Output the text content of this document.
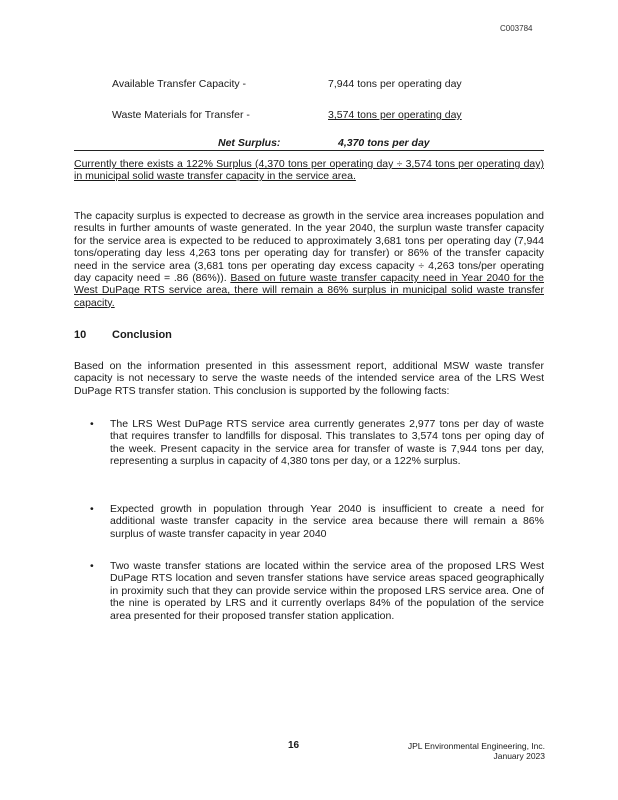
C003784
Available Transfer Capacity -	7,944 tons per operating day
Waste Materials for Transfer -	3,574 tons per operating day
Net Surplus:	4,370 tons per day
Currently there exists a 122% Surplus (4,370 tons per operating day ÷ 3,574 tons per operating day) in municipal solid waste transfer capacity in the service area.
The capacity surplus is expected to decrease as growth in the service area increases population and results in further amounts of waste generated. In the year 2040, the surplun waste transfer capacity for the service area is expected to be reduced to approximately 3,681 tons per operating day (7,944 tons/operating day less 4,263 tons per operating day for transfer) or 86% of the transfer capacity need in the service area (3,681 tons per operating day excess capacity ÷ 4,263 tons/per operating day capacity need = .86 (86%)). Based on future waste transfer capacity need in Year 2040 for the West DuPage RTS service area, there will remain a 86% surplus in municipal solid waste transfer capacity.
10 Conclusion
Based on the information presented in this assessment report, additional MSW waste transfer capacity is not necessary to serve the waste needs of the intended service area of the LRS West DuPage RTS transfer station. This conclusion is supported by the following facts:
• The LRS West DuPage RTS service area currently generates 2,977 tons per day of waste that requires transfer to landfills for disposal. This translates to 3,574 tons per oping day of the week. Present capacity in the service area for transfer of waste is 7,944 tons per day, representing a surplus in capacity of 4,380 tons per day, or a 122% surplus.
• Expected growth in population through Year 2040 is insufficient to create a need for additional waste transfer capacity in the service area because there will remain a 86% surplus of waste transfer capacity in year 2040
• Two waste transfer stations are located within the service area of the proposed LRS West DuPage RTS location and seven transfer stations have service areas spaced geographically in proximity such that they can provide service within the proposed LRS service area. One of the nine is operated by LRS and it currently overlaps 84% of the population of the service area presented for their proposed transfer station application.
16	JPL Environmental Engineering, Inc.
January 2023
